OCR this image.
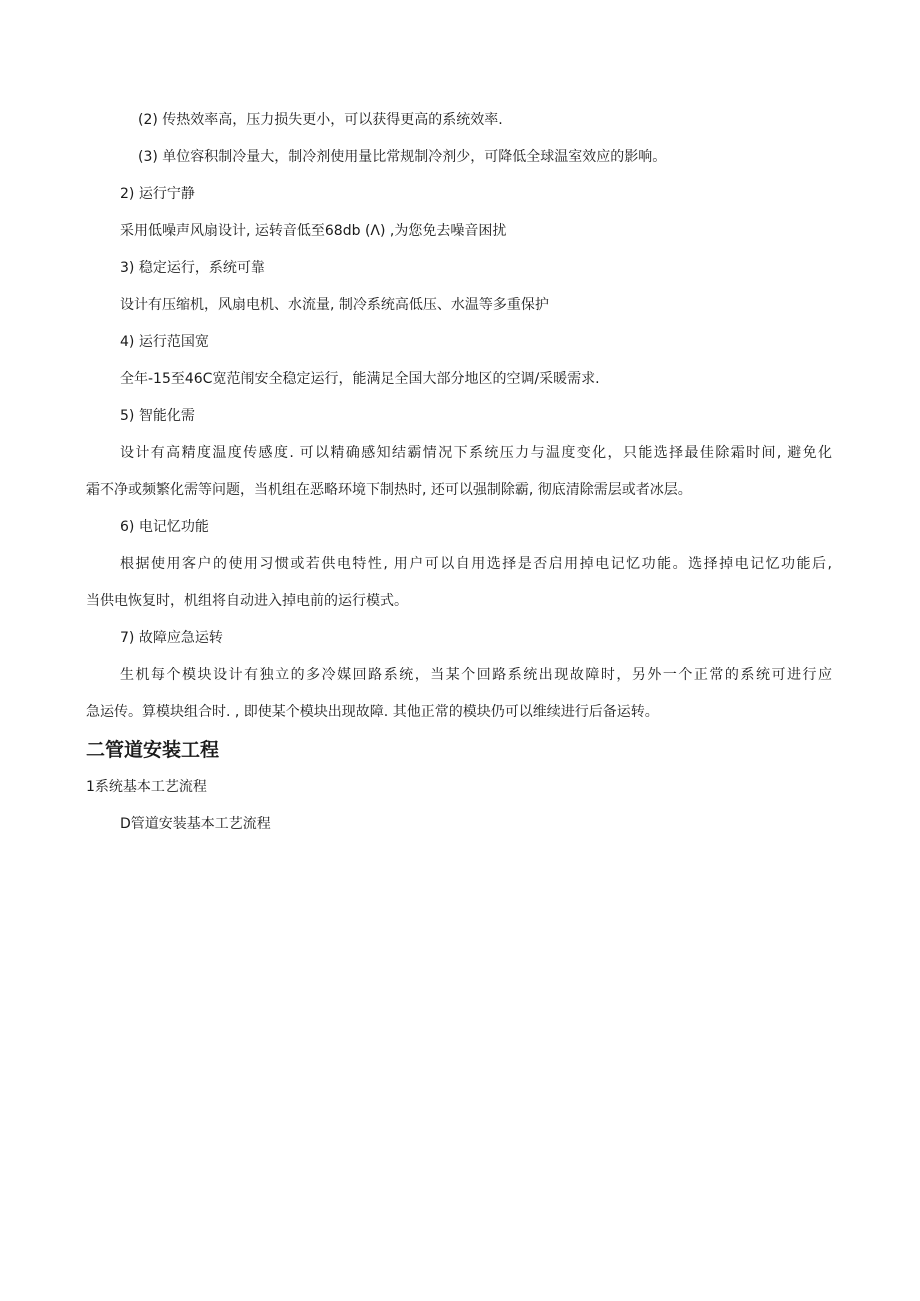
(2) 传热效率高，压力损失更小，可以获得更高的系统效率.
(3) 单位容积制冷量大，制冷剂使用量比常规制冷剂少，可降低全球温室效应的影响。
2) 运行宁静
采用低噪声风扇设计, 运转音低至68db (Λ) ,为您免去噪音困扰
3) 稳定运行，系统可靠
设计有压缩机，风扇电机、水流量, 制冷系统高低压、水温等多重保护
4) 运行范国宽
全年-15至46C宽范闱安全稳定运行，能满足全国大部分地区的空调/采暖需求.
5) 智能化需
设计有高精度温度传感度. 可以精确感知结霸情况下系统压力与温度变化，只能选择最佳除霜时间, 避免化
霜不净或频繁化需等问题，当机组在恶略环境下制热时, 还可以强制除霸, 彻底清除需层或者冰层。
6) 电记忆功能
根据使用客户的使用习惯或若供电特性, 用户可以自用选择是否启用掉电记忆功能。选择掉电记忆功能后,
当供电恢复时，机组将自动进入掉电前的运行模式。
7) 故障应急运转
生机每个模块设计有独立的多冷媒回路系统，当某个回路系统出现故障时，另外一个正常的系统可进行应
急运传。算模块组合时. , 即使某个模块出现故障. 其他正常的模块仍可以维续进行后备运转。
二管道安装工程
1系统基本工艺流程
D管道安装基本工艺流程
